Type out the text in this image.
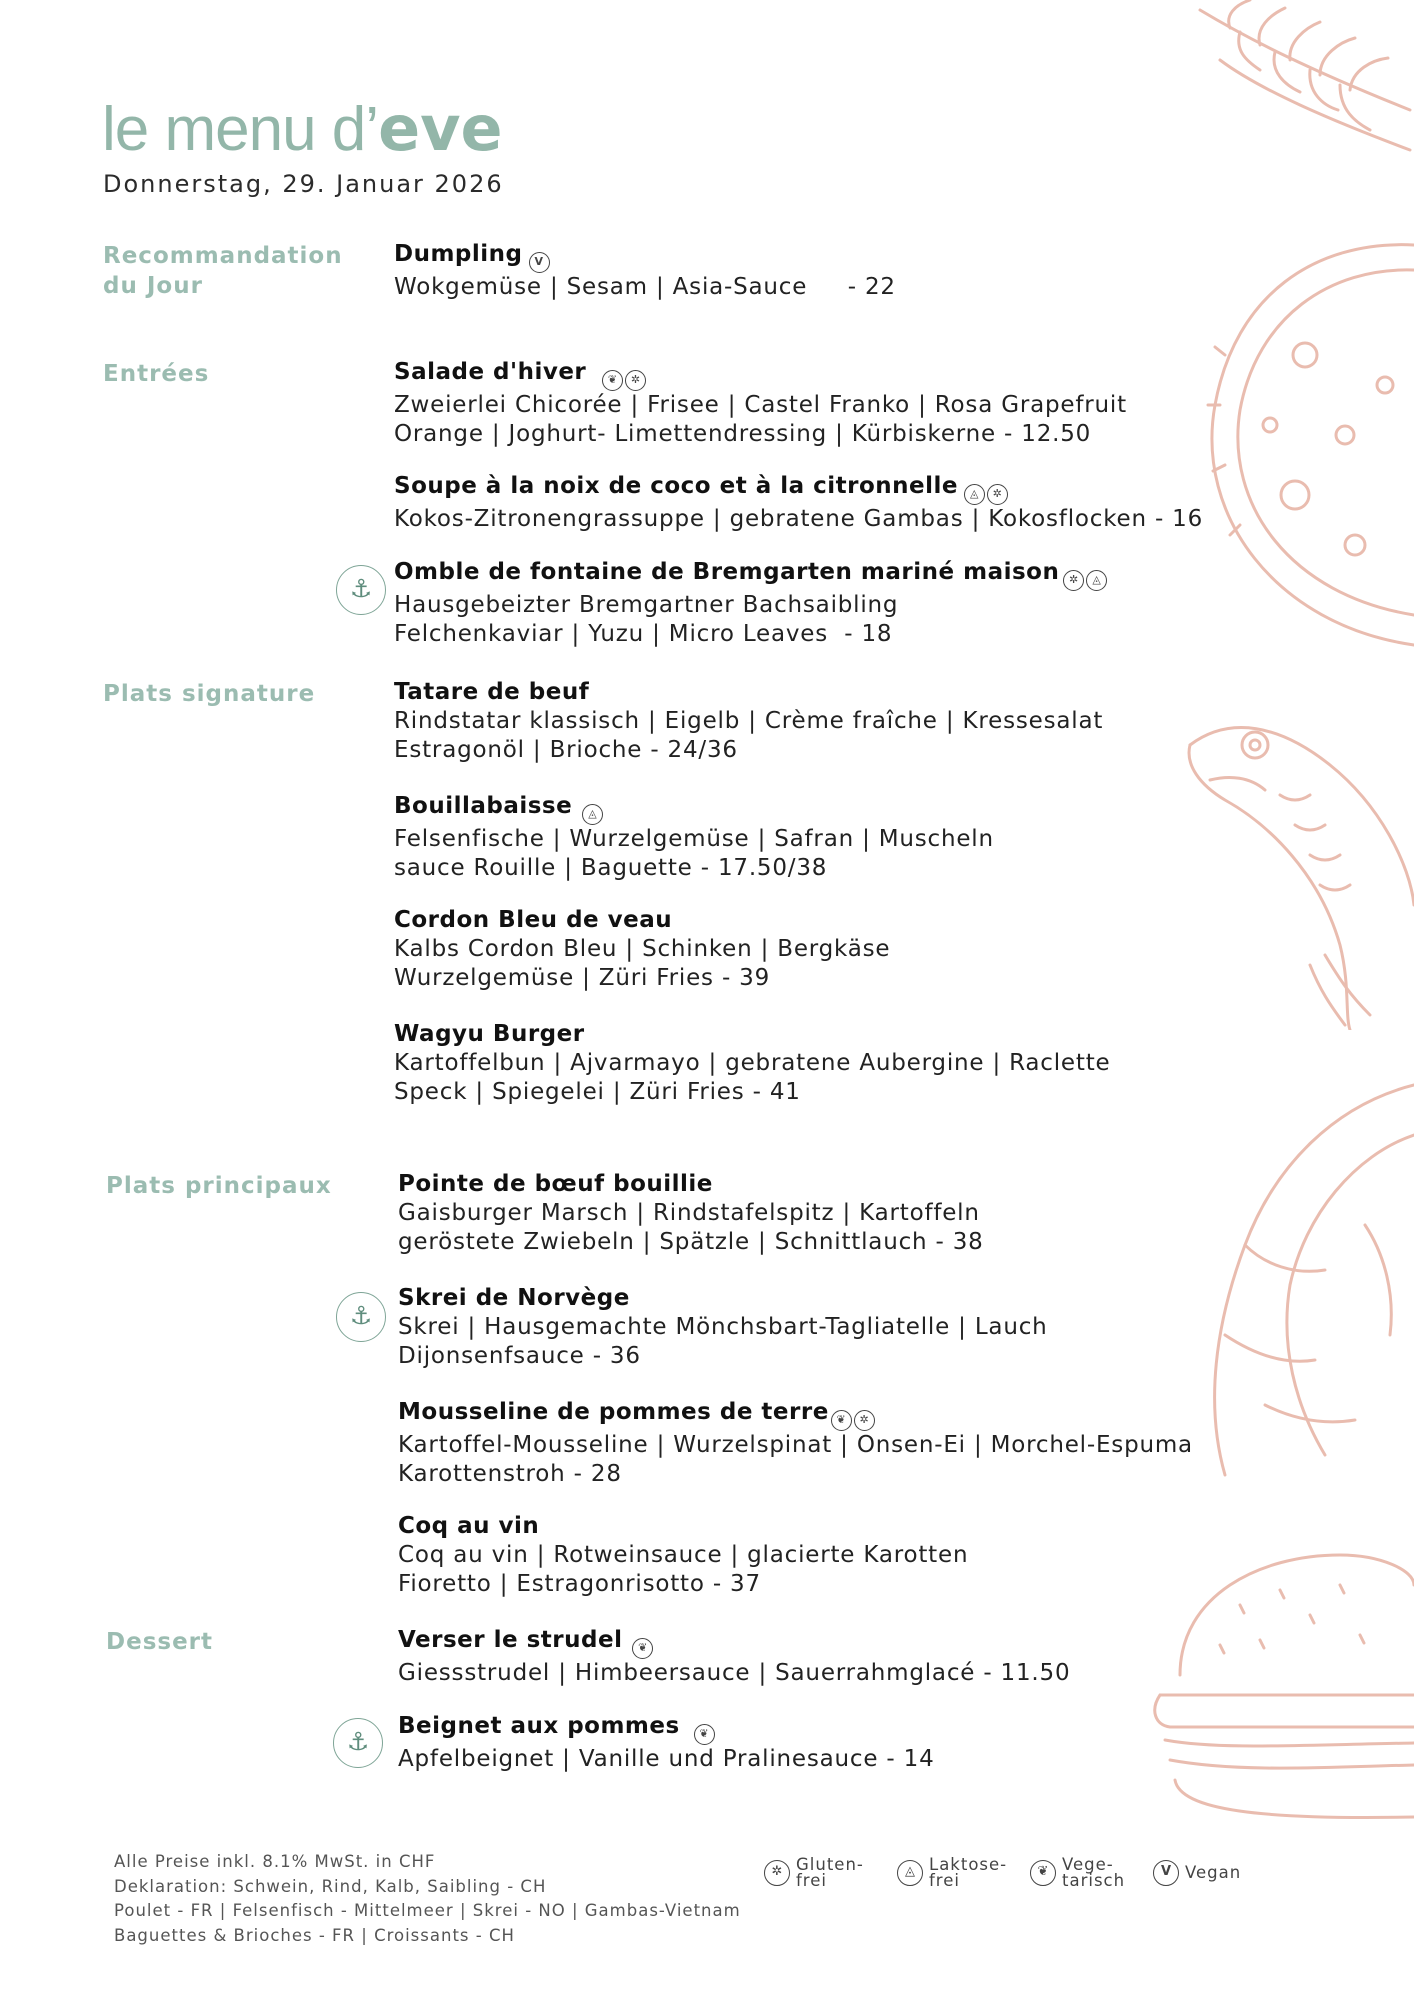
le menu d’eve
Donnerstag, 29. Januar 2026
Recommandation du Jour
Dumpling V
Wokgemüse | Sesam | Asia-Sauce     - 22
Entrées	Salade d'hiver ❦ ✲
Zweierlei Chicorée | Frisee | Castel Franko | Rosa Grapefruit
Orange | Joghurt- Limettendressing | Kürbiskerne - 12.50
Soupe à la noix de coco et à la citronnelle ◬ ✲
Kokos-Zitronengrassuppe | gebratene Gambas | Kokosflocken - 16
⚓
Omble de fontaine de Bremgarten mariné maison ✲ ◬
Hausgebeizter Bremgartner Bachsaibling
Felchenkaviar | Yuzu | Micro Leaves  - 18
Plats signature	Tatare de beuf
Rindstatar klassisch | Eigelb | Crème fraîche | Kressesalat
Estragonöl | Brioche - 24/36
Bouillabaisse ◬
Felsenfische | Wurzelgemüse | Safran | Muscheln
sauce Rouille | Baguette - 17.50/38
Cordon Bleu de veau
Kalbs Cordon Bleu | Schinken | Bergkäse
Wurzelgemüse | Züri Fries - 39
Wagyu Burger
Kartoffelbun | Ajvarmayo | gebratene Aubergine | Raclette
Speck | Spiegelei | Züri Fries - 41
Plats principaux	Pointe de bœuf bouillie
Gaisburger Marsch | Rindstafelspitz | Kartoffeln
geröstete Zwiebeln | Spätzle | Schnittlauch - 38
⚓
Skrei de Norvège
Skrei | Hausgemachte Mönchsbart-Tagliatelle | Lauch
Dijonsenfsauce - 36
Mousseline de pommes de terre ❦ ✲
Kartoffel-Mousseline | Wurzelspinat | Onsen-Ei | Morchel-Espuma
Karottenstroh - 28
Coq au vin
Coq au vin | Rotweinsauce | glacierte Karotten
Fioretto | Estragonrisotto - 37
Dessert	Verser le strudel ❦
Giessstrudel | Himbeersauce | Sauerrahmglacé - 11.50
⚓
Beignet aux pommes ❦
Apfelbeignet | Vanille und Pralinesauce - 14
Alle Preise inkl. 8.1% MwSt. in CHF
Deklaration: Schwein, Rind, Kalb, Saibling - CH
Poulet - FR | Felsenfisch - Mittelmeer | Skrei - NO | Gambas-Vietnam
Baguettes & Brioches - FR | Croissants - CH
✲ Gluten-
frei	◬ Laktose-
frei	❦ Vege-
tarisch	V Vegan
